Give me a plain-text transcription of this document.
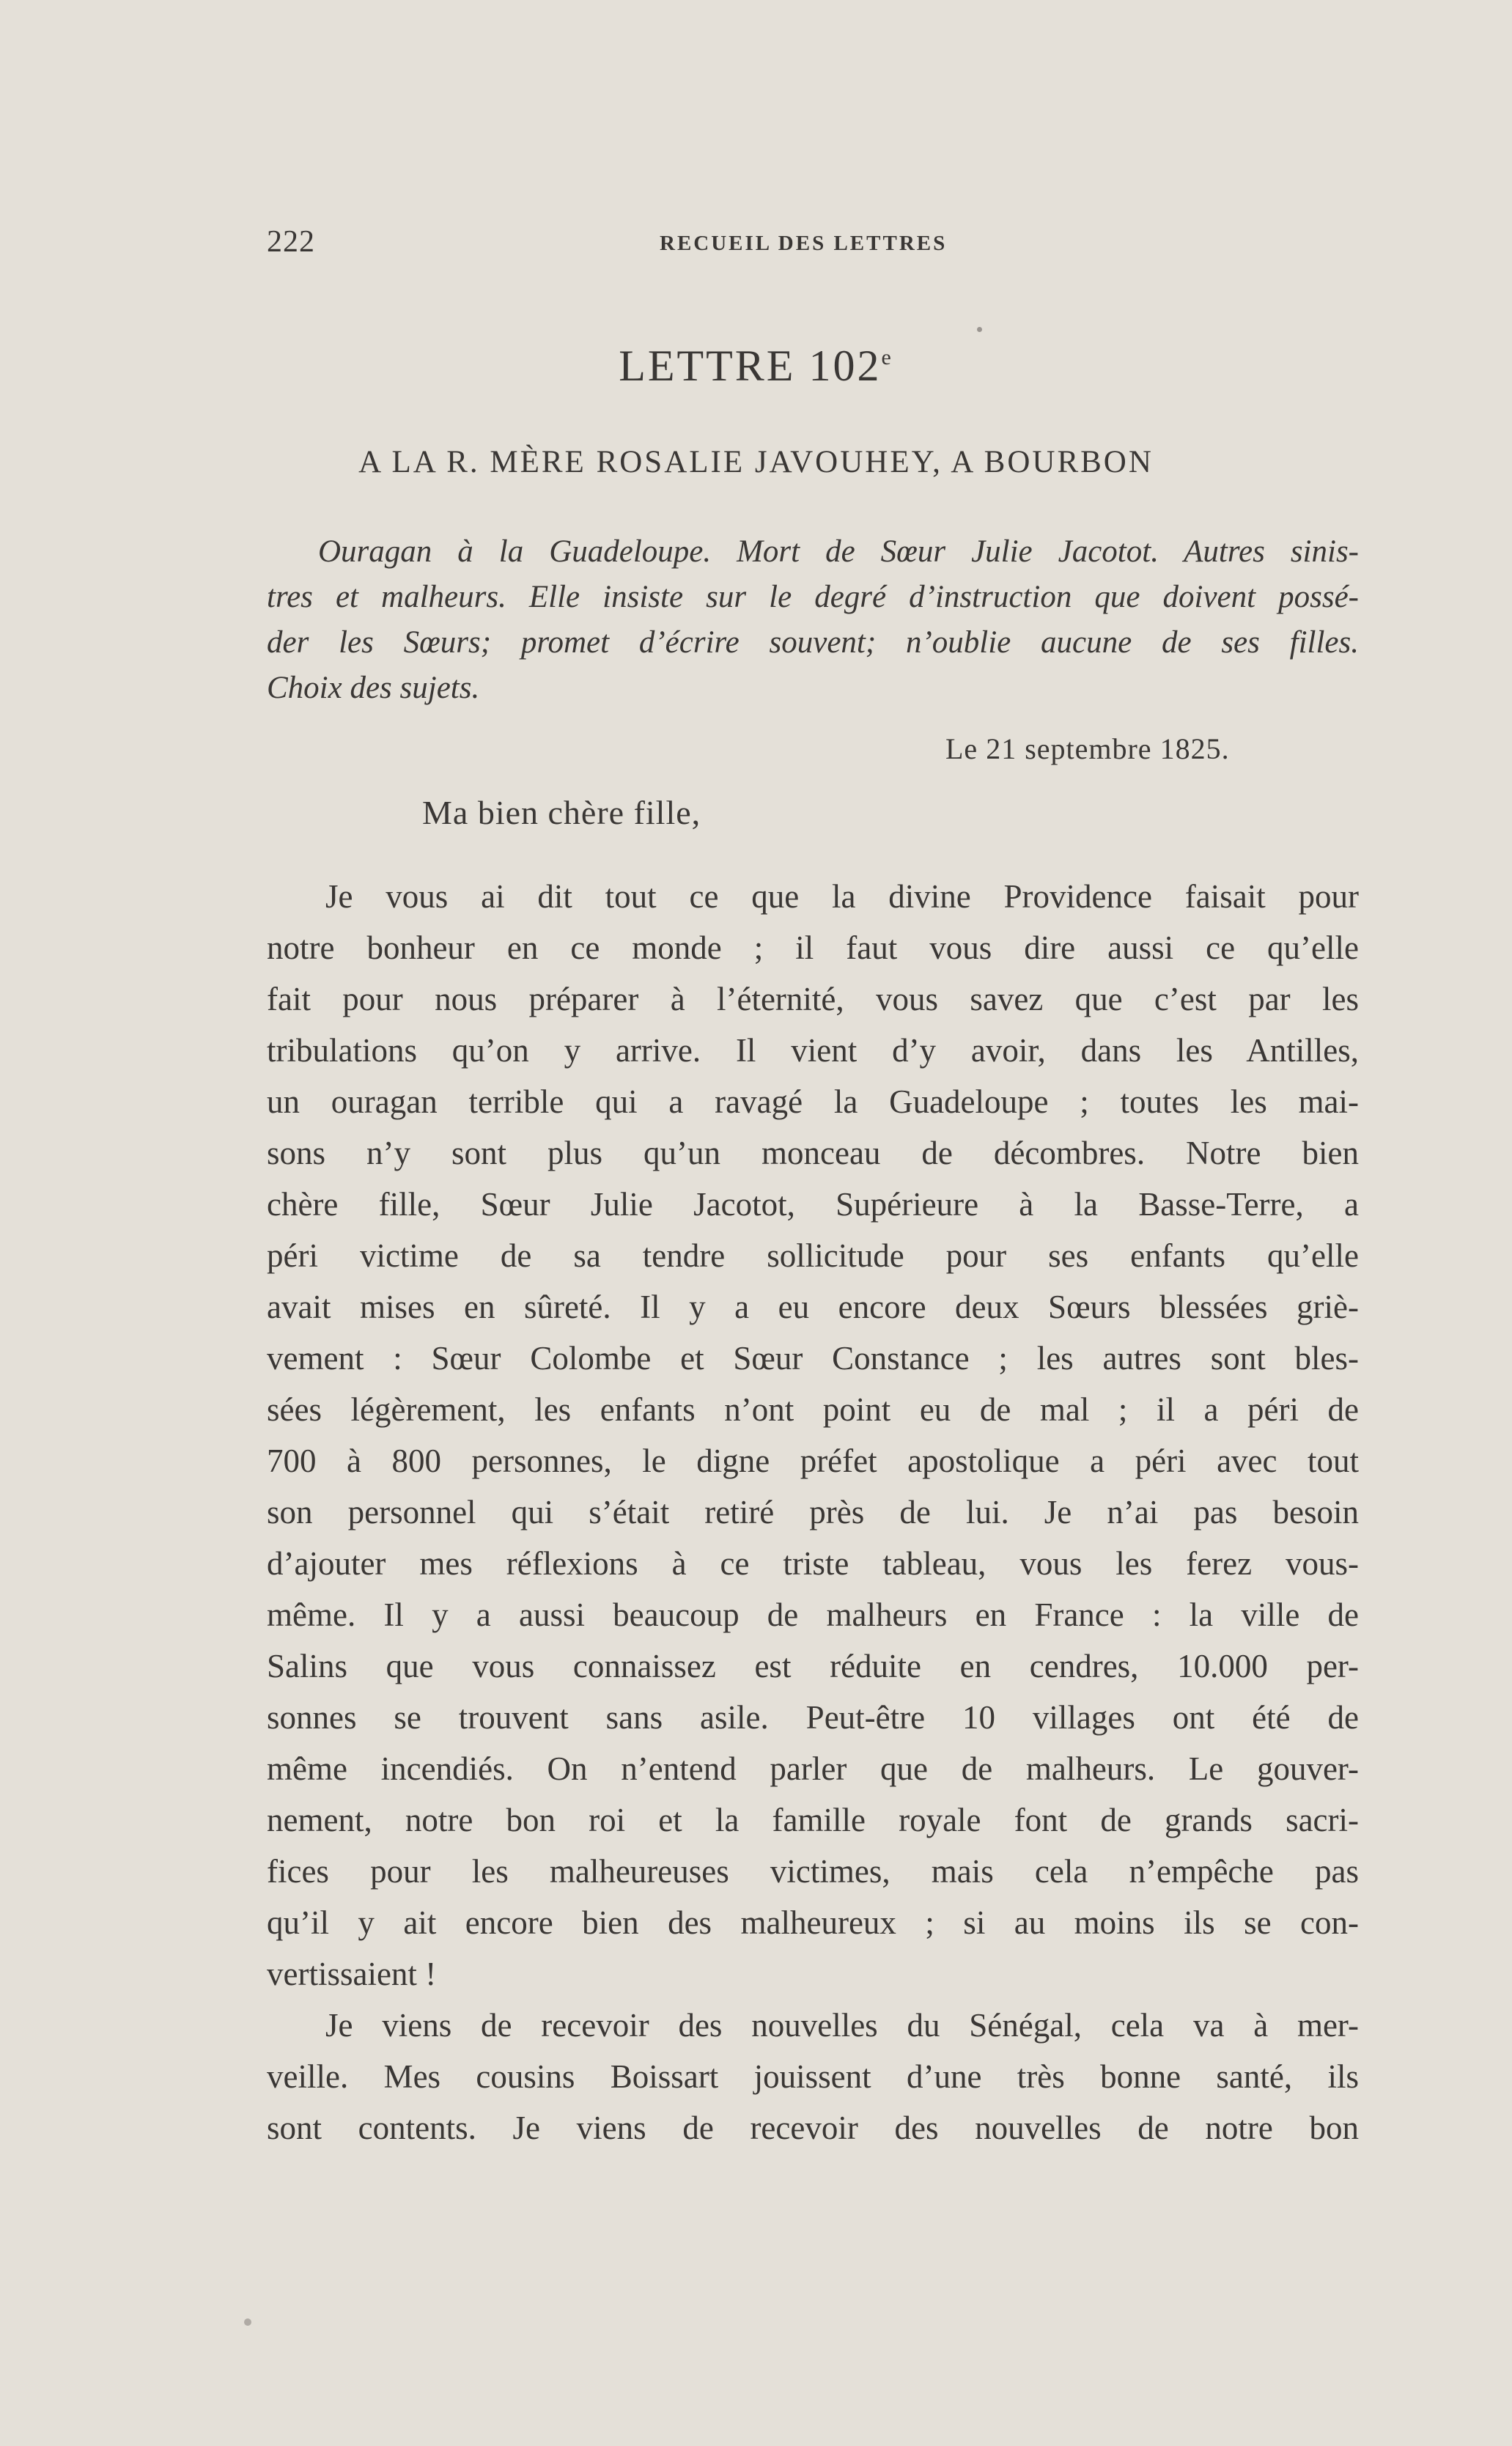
222	RECUEIL DES LETTRES
LETTRE 102e
A LA R. MÈRE ROSALIE JAVOUHEY, A BOURBON
Ouragan à la Guadeloupe. Mort de Sœur Julie Jacotot. Autres sinis-
tres et malheurs. Elle insiste sur le degré d’instruction que doivent possé-
der les Sœurs; promet d’écrire souvent; n’oublie aucune de ses filles.
Choix des sujets.
Le 21 septembre 1825.
Ma bien chère fille,
Je vous ai dit tout ce que la divine Providence faisait pour
notre bonheur en ce monde ; il faut vous dire aussi ce qu’elle
fait pour nous préparer à l’éternité, vous savez que c’est par les
tribulations qu’on y arrive. Il vient d’y avoir, dans les Antilles,
un ouragan terrible qui a ravagé la Guadeloupe ; toutes les mai-
sons n’y sont plus qu’un monceau de décombres. Notre bien
chère fille, Sœur Julie Jacotot, Supérieure à la Basse-Terre, a
péri victime de sa tendre sollicitude pour ses enfants qu’elle
avait mises en sûreté. Il y a eu encore deux Sœurs blessées griè-
vement : Sœur Colombe et Sœur Constance ; les autres sont bles-
sées légèrement, les enfants n’ont point eu de mal ; il a péri de
700 à 800 personnes, le digne préfet apostolique a péri avec tout
son personnel qui s’était retiré près de lui. Je n’ai pas besoin
d’ajouter mes réflexions à ce triste tableau, vous les ferez vous-
même. Il y a aussi beaucoup de malheurs en France : la ville de
Salins que vous connaissez est réduite en cendres, 10.000 per-
sonnes se trouvent sans asile. Peut-être 10 villages ont été de
même incendiés. On n’entend parler que de malheurs. Le gouver-
nement, notre bon roi et la famille royale font de grands sacri-
fices pour les malheureuses victimes, mais cela n’empêche pas
qu’il y ait encore bien des malheureux ; si au moins ils se con-
vertissaient !
Je viens de recevoir des nouvelles du Sénégal, cela va à mer-
veille. Mes cousins Boissart jouissent d’une très bonne santé, ils
sont contents. Je viens de recevoir des nouvelles de notre bon
